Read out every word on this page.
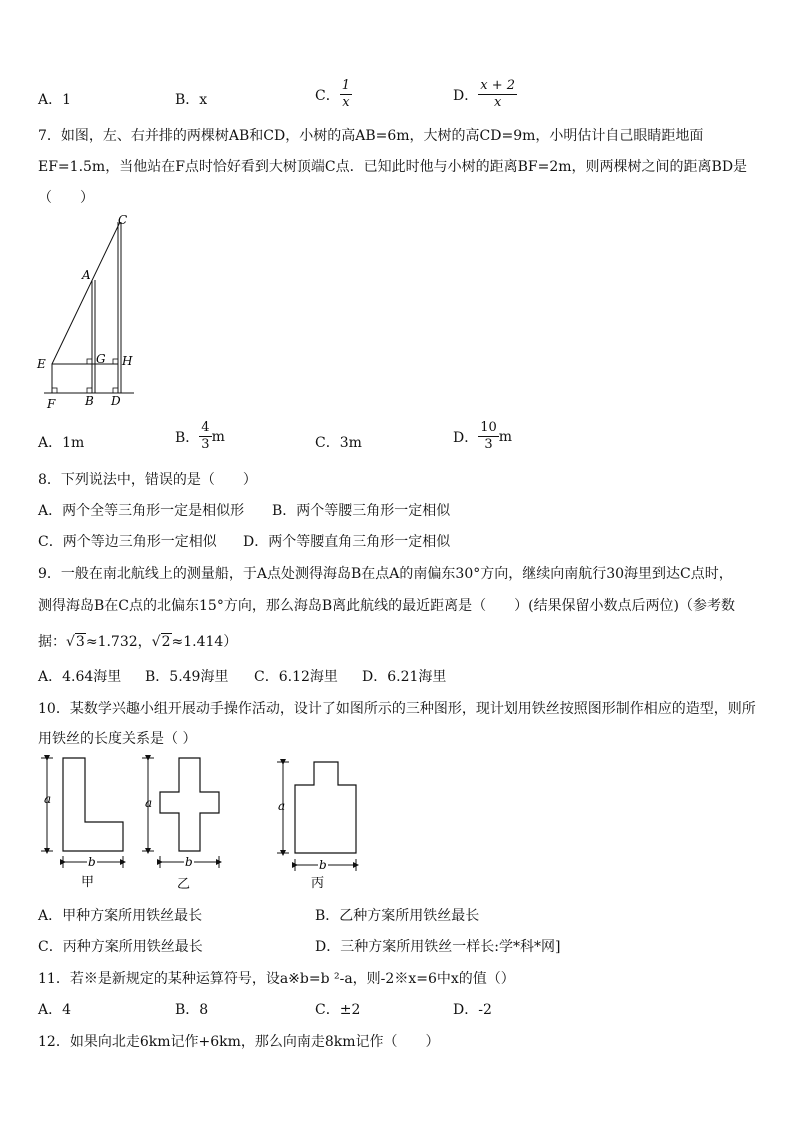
A．1	B．x	C． $\frac{1}{x}$	D． $\frac{x + 2}{x}$
7．如图，左、右并排的两棵树AB和CD，小树的高AB=6m，大树的高CD=9m，小明估计自己眼睛距地面
EF=1.5m，当他站在F点时恰好看到大树顶端C点．已知此时他与小树的距离BF=2m，则两棵树之间的距离BD是
（　　）
C
A
E	G H
F B D
A．1m	B． $\frac{4}{3}$ m	C．3m	D． $\frac{10}{3}$ m
8．下列说法中，错误的是（　　）
A．两个全等三角形一定是相似形 B．两个等腰三角形一定相似
C．两个等边三角形一定相似 D．两个等腰直角三角形一定相似
9．一般在南北航线上的测量船，于A点处测得海岛B在点A的南偏东30°方向，继续向南航行30海里到达C点时，
测得海岛B在C点的北偏东15°方向，那么海岛B离此航线的最近距离是（　　）(结果保留小数点后两位)（参考数
据：√3≈1.732，√2≈1.414）
A．4.64海里 B．5.49海里 C．6.12海里 D．6.21海里
10．某数学兴趣小组开展动手操作活动，设计了如图所示的三种图形，现计划用铁丝按照图形制作相应的造型，则所
用铁丝的长度关系是（ ）
a
b
甲
a
b
乙
a
b
丙
A．甲种方案所用铁丝最长	B．乙种方案所用铁丝最长
C．丙种方案所用铁丝最长	D．三种方案所用铁丝一样长:学*科*网]
11．若※是新规定的某种运算符号，设a※b=b ²-a，则-2※x=6中x的值（）
A．4	B．8	C．±2	D．-2
12．如果向北走6km记作+6km，那么向南走8km记作（　　）
